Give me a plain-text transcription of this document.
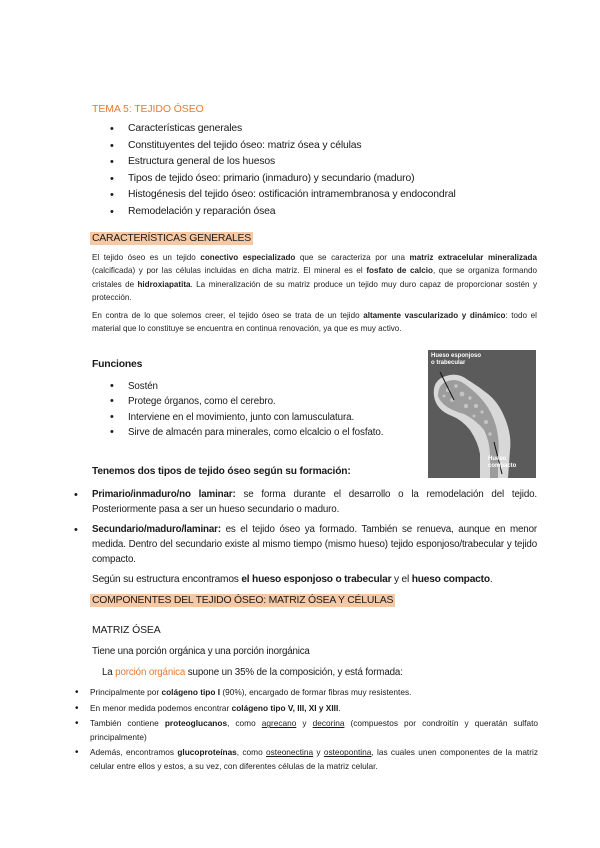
TEMA 5: TEJIDO ÓSEO
• Características generales
• Constituyentes del tejido óseo: matriz ósea y células
• Estructura general de los huesos
• Tipos de tejido óseo: primario (inmaduro) y secundario (maduro)
• Histogénesis del tejido óseo: ostificación intramembranosa y endocondral
• Remodelación y reparación ósea
CARACTERÍSTICAS GENERALES
El tejido óseo es un tejido conectivo especializado que se caracteriza por una matriz extracelular mineralizada (calcificada) y por las células incluidas en dicha matriz. El mineral es el fosfato de calcio, que se organiza formando cristales de hidroxiapatita. La mineralización de su matriz produce un tejido muy duro capaz de proporcionar sostén y protección.
En contra de lo que solemos creer, el tejido óseo se trata de un tejido altamente vascularizado y dinámico: todo el material que lo constituye se encuentra en continua renovación, ya que es muy activo.
Funciones
• Sostén
• Protege órganos, como el cerebro.
• Interviene en el movimiento, junto con lamusculatura.
• Sirve de almacén para minerales, como elcalcio o el fosfato.
Hueso esponjoso o trabecular
Hueso compacto
Tenemos dos tipos de tejido óseo según su formación:
• Primario/inmaduro/no laminar: se forma durante el desarrollo o la remodelación del tejido. Posteriormente pasa a ser un hueso secundario o maduro.
• Secundario/maduro/laminar: es el tejido óseo ya formado. También se renueva, aunque en menor medida. Dentro del secundario existe al mismo tiempo (mismo hueso) tejido esponjoso/trabecular y tejido compacto.
Según su estructura encontramos el hueso esponjoso o trabecular y el hueso compacto.
COMPONENTES DEL TEJIDO ÓSEO: MATRIZ ÓSEA Y CÉLULAS
MATRIZ ÓSEA
Tiene una porción orgánica y una porción inorgánica
La porción orgánica supone un 35% de la composición, y está formada:
• Principalmente por colágeno tipo I (90%), encargado de formar fibras muy resistentes.
• En menor medida podemos encontrar colágeno tipo V, III, XI y XIII.
• También contiene proteoglucanos, como agrecano y decorina (compuestos por condroitín y queratán sulfato principalmente)
• Además, encontramos glucoproteínas, como osteonectina y osteopontina, las cuales unen componentes de la matriz celular entre ellos y estos, a su vez, con diferentes células de la matriz celular.
